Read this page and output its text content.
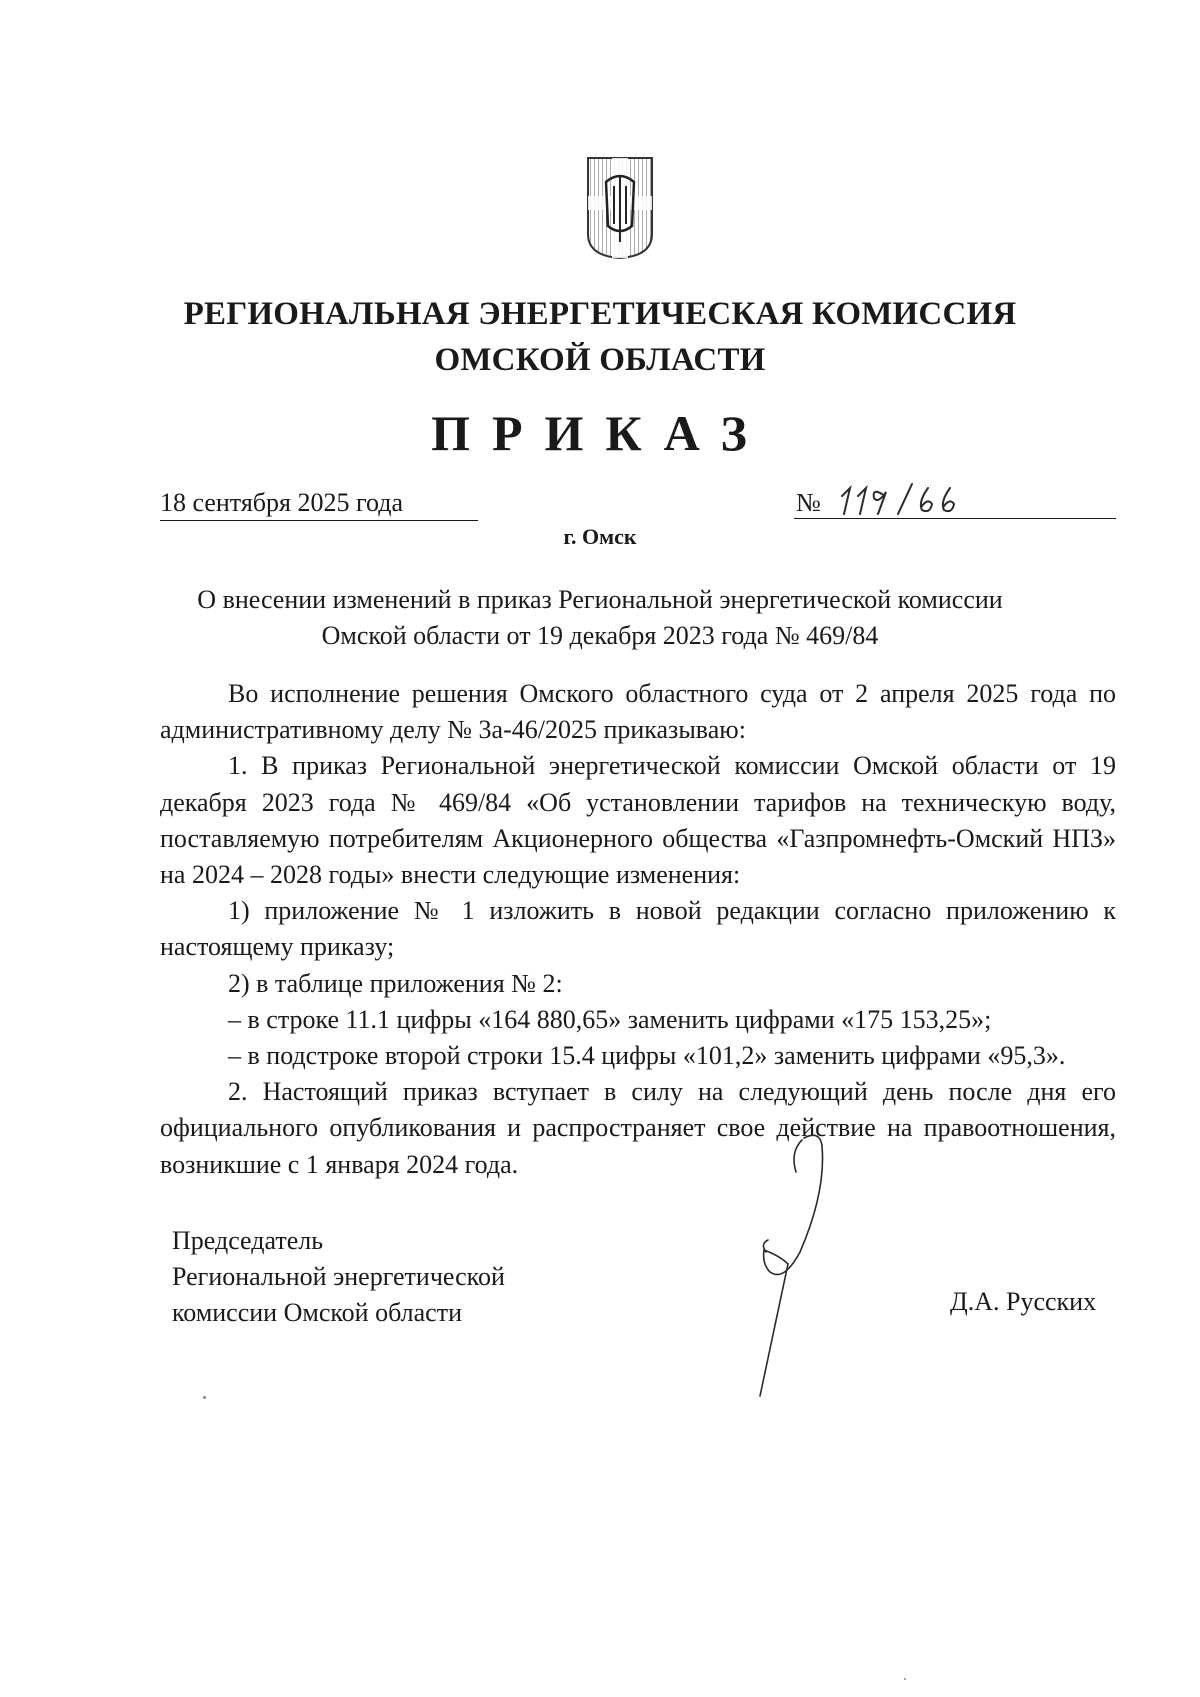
РЕГИОНАЛЬНАЯ ЭНЕРГЕТИЧЕСКАЯ КОМИССИЯ
ОМСКОЙ ОБЛАСТИ
ПРИКАЗ
18 сентября 2025 года	№
г. Омск
О внесении изменений в приказ Региональной энергетической комиссии
Омской области от 19 декабря 2023 года № 469/84

Во исполнение решения Омского областного суда от 2 апреля 2025 года по административному делу № 3а-46/2025 приказываю:

1. В приказ Региональной энергетической комиссии Омской области от 19 декабря 2023 года № 469/84 «Об установлении тарифов на техническую воду, поставляемую потребителям Акционерного общества «Газпромнефть-Омский НПЗ» на 2024 – 2028 годы» внести следующие изменения:

1) приложение № 1 изложить в новой редакции согласно приложению к настоящему приказу;

2) в таблице приложения № 2:

– в строке 11.1 цифры «164 880,65» заменить цифрами «175 153,25»;

– в подстроке второй строки 15.4 цифры «101,2» заменить цифрами «95,3».

2. Настоящий приказ вступает в силу на следующий день после дня его официального опубликования и распространяет свое действие на правоотношения, возникшие с 1 января 2024 года.

Председатель
Региональной энергетической
комиссии Омской области	Д.А. Русских
